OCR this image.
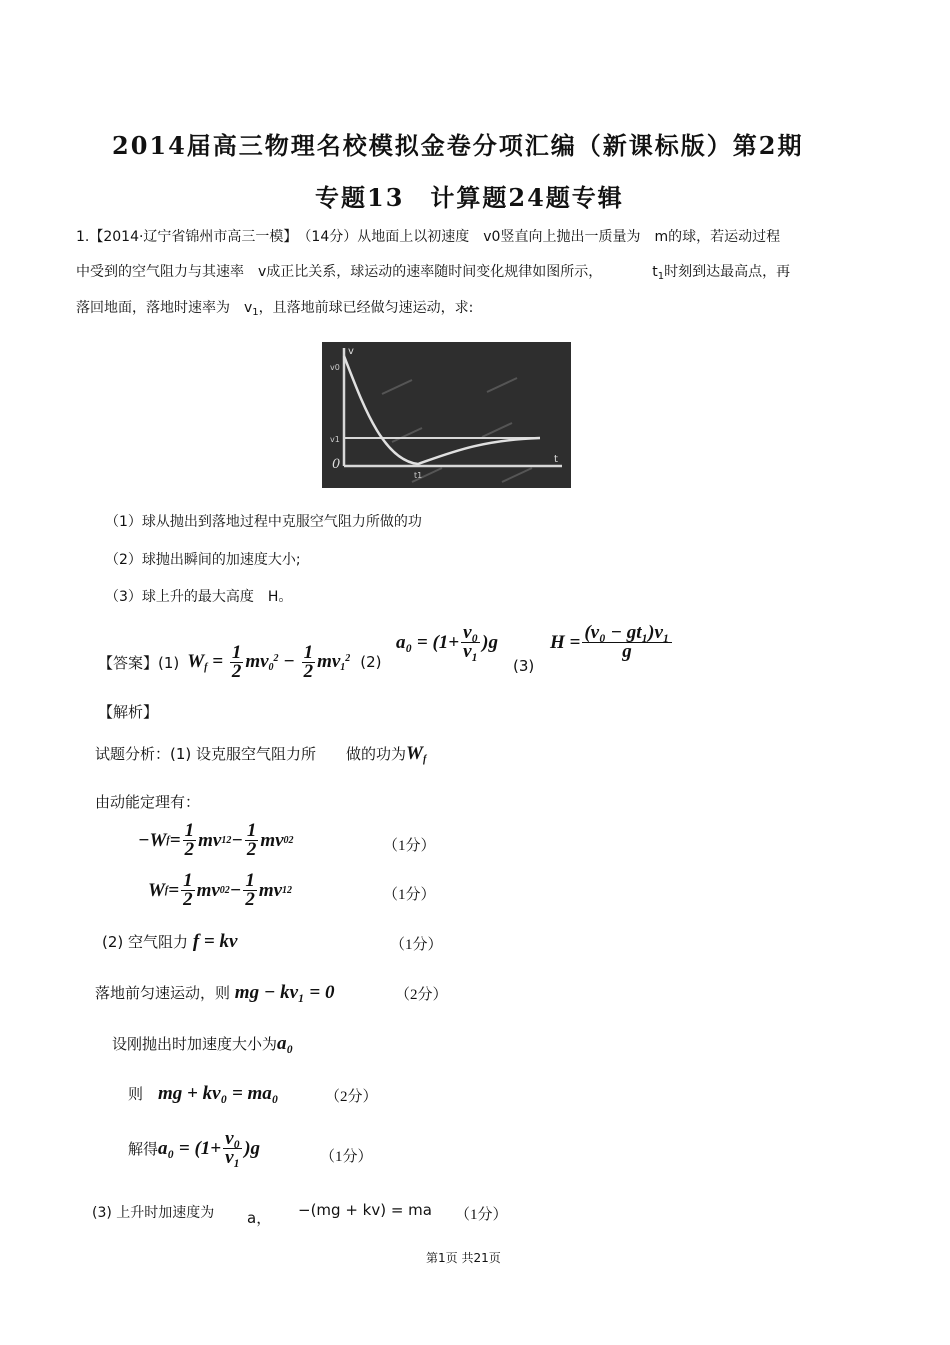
2014届高三物理名校模拟金卷分项汇编（新课标版）第2期
专题13　计算题24题专辑
1.【2014·辽宁省锦州市高三一模】　（14分）从地面上以初速度　v0竖直向上抛出一质量为　m的球，若运动过程
中受到的空气阻力与其速率　v成正比关系，球运动的速率随时间变化规律如图所示，	$t_1$时刻到达最高点，再
落回地面，落地时速率为　$v_1$，且落地前球已经做匀速运动，求:
v
t
0
v1
v0
t1
（1）球从抛出到落地过程中克服空气阻力所做的功
（2）球抛出瞬间的加速度大小;
（3）球上升的最大高度　H。
【答案】(1) $W_f = \frac{1}{2} mv_0^2 - \frac{1}{2} mv_1^2$ (2)
$a_0 = (1+ \frac{\text{v₀}}{\text{v₁}} )g$
(3)
$H = \frac{\text{(v₀ − gt₁)v₁}}{g}$
【解析】
试题分析：(1) 设克服空气阻力所　　做的功为$W_f$
由动能定理有：
−W $f = \frac{1}{2}$ mv 1 $2 - \frac{1}{2}$ mv 0 2	（1分）
W $f = \frac{1}{2}$ mv 0 $2 - \frac{1}{2}$ mv 1 2	（1分）
(2) 空气阻力 f = kv	（1分）
落地前匀速运动，则 mg − kv₁ = 0	（2分）
设刚抛出时加速度大小为a₀
则　 mg + kv₀ = ma₀	（2分）
解得 $a_0 = (1+ \frac{\text{v₀}}{\text{v₁}} )g$	（1分）
(3) 上升时加速度为 a， −(mg + kv) = ma （1分）
第1页 共21页
